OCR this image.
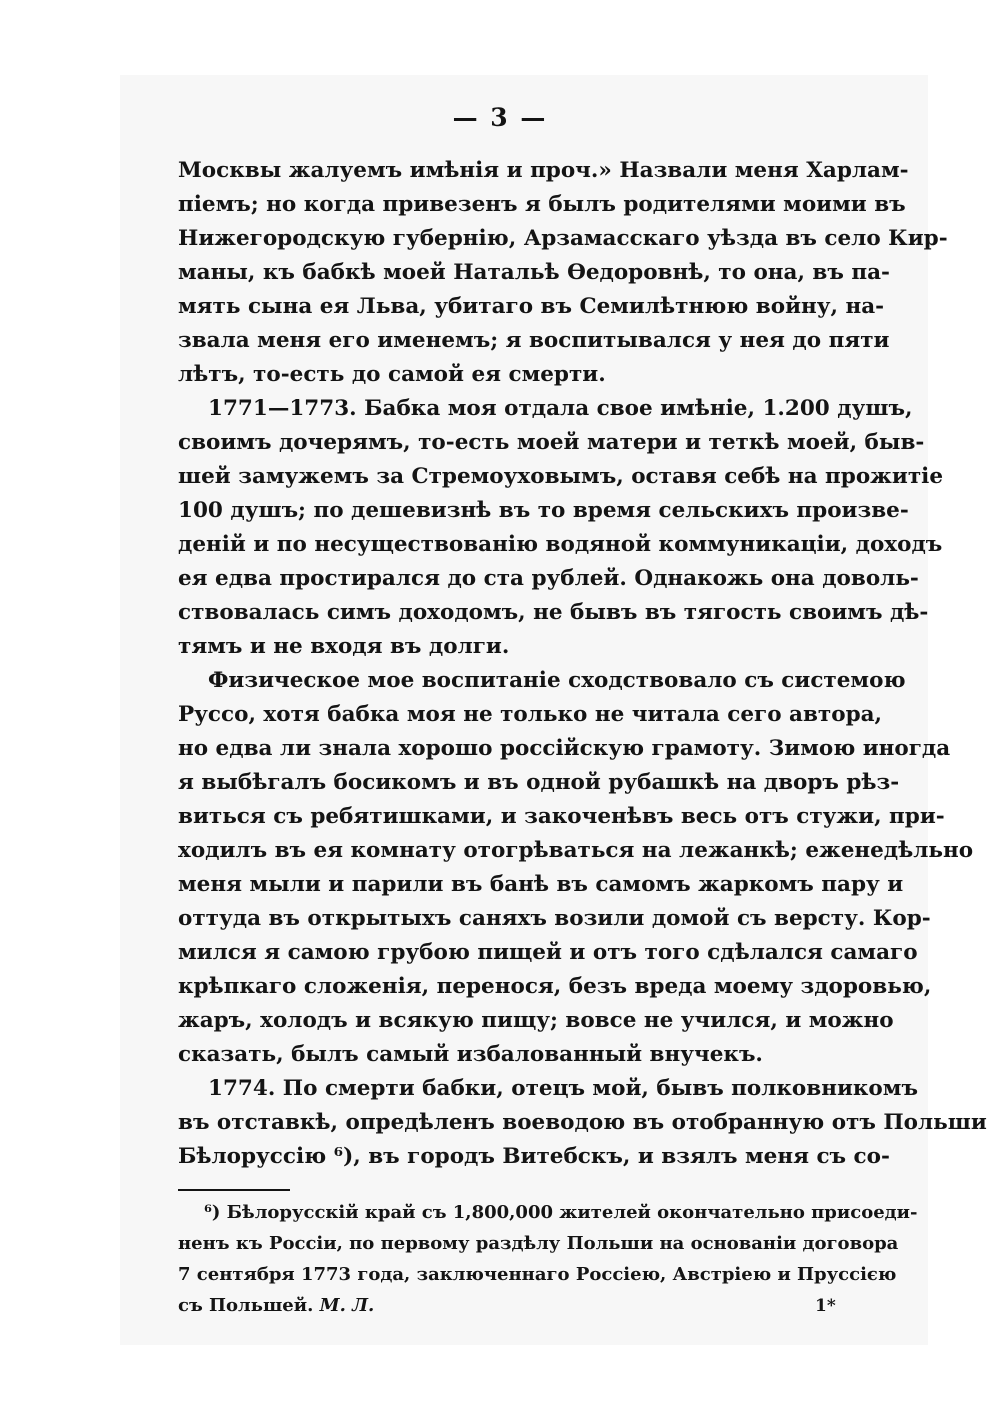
— 3 —
Москвы жалуемъ имѣнія и проч.» Назвали меня Харлам-
піемъ; но когда привезенъ я былъ родителями моими въ
Нижегородскую губернію, Арзамасскаго уѣзда въ село Кир-
маны, къ бабкѣ моей Натальѣ Ѳедоровнѣ, то она, въ па-
мять сына ея Льва, убитаго въ Семилѣтнюю войну, на-
звала меня его именемъ; я воспитывался у нея до пяти
лѣтъ, то-есть до самой ея смерти.
1771—1773. Бабка моя отдала свое имѣніе, 1.200 душъ,
своимъ дочерямъ, то-есть моей матери и теткѣ моей, быв-
шей замужемъ за Стремоуховымъ, оставя себѣ на прожитіе
100 душъ; по дешевизнѣ въ то время сельскихъ произве-
деній и по несуществованію водяной коммуникаціи, доходъ
ея едва простирался до ста рублей. Однакожь она доволь-
ствовалась симъ доходомъ, не бывъ въ тягость своимъ дѣ-
тямъ и не входя въ долги.
Физическое мое воспитаніе сходствовало съ системою
Руссо, хотя бабка моя не только не читала сего автора,
но едва ли знала хорошо россійскую грамоту. Зимою иногда
я выбѣгалъ босикомъ и въ одной рубашкѣ на дворъ рѣз-
виться съ ребятишками, и закоченѣвъ весь отъ стужи, при-
ходилъ въ ея комнату отогрѣваться на лежанкѣ; еженедѣльно
меня мыли и парили въ банѣ въ самомъ жаркомъ пару и
оттуда въ открытыхъ саняхъ возили домой съ версту. Кор-
мился я самою грубою пищей и отъ того сдѣлался самаго
крѣпкаго сложенія, перенося, безъ вреда моему здоровью,
жаръ, холодъ и всякую пищу; вовсе не учился, и можно
сказать, былъ самый избалованный внучекъ.
1774. По смерти бабки, отецъ мой, бывъ полковникомъ
въ отставкѣ, опредѣленъ воеводою въ отобранную отъ Польши
Бѣлоруссію ⁶), въ городъ Витебскъ, и взялъ меня съ со-
⁶) Бѣлорусскій край съ 1,800,000 жителей окончательно присоеди-
ненъ къ Россіи, по первому раздѣлу Польши на основаніи договора
7 сентября 1773 года, заключеннаго Россіею, Австріею и Пруссією
съ Польшей. М. Л.	1*
